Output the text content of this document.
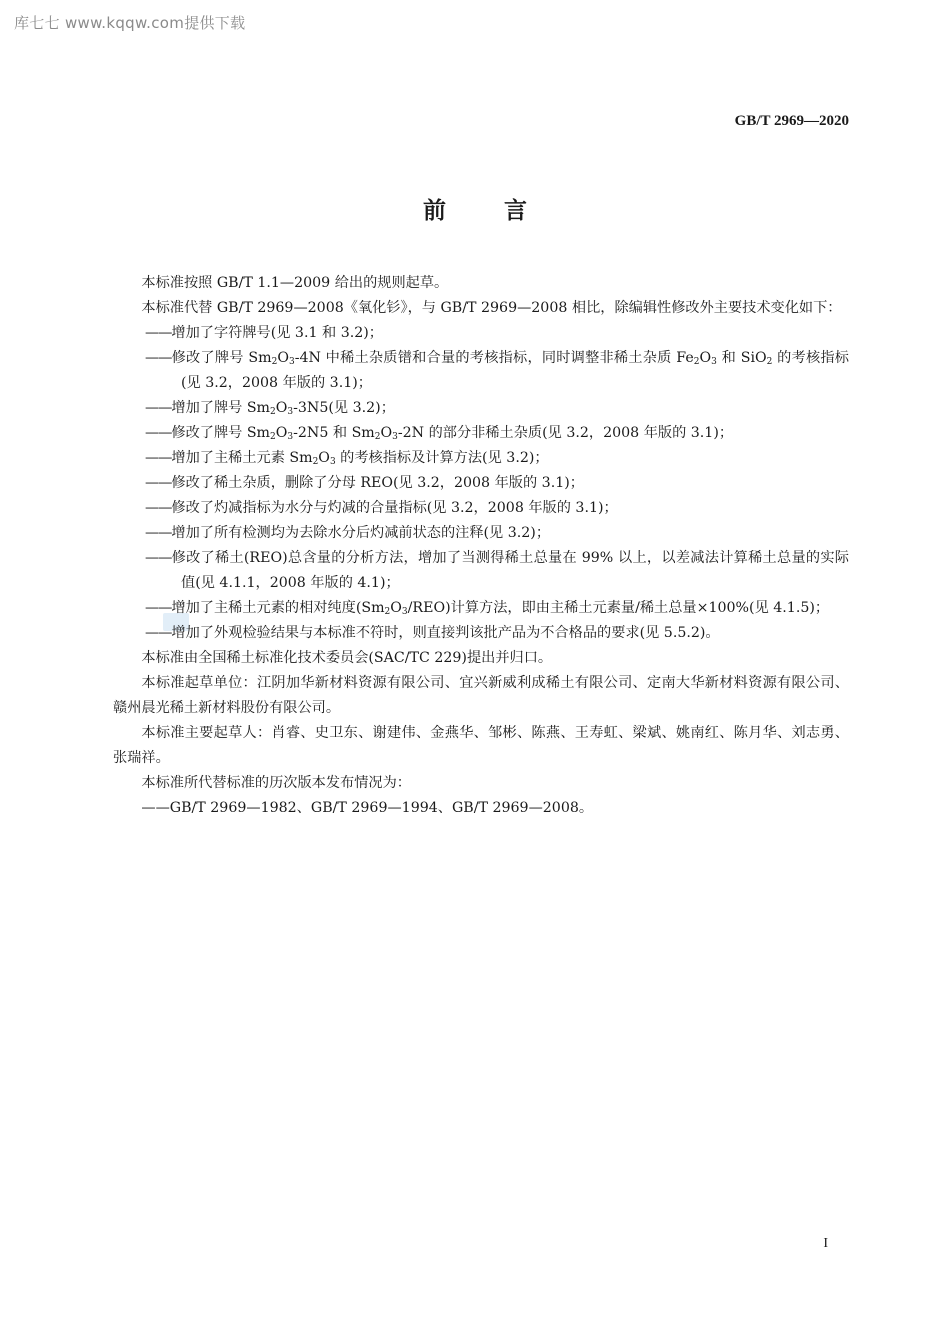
库七七 www.kqqw.com提供下载
GB/T 2969—2020
前言

本标准按照 GB/T 1.1—2009 给出的规则起草。

本标准代替 GB/T 2969—2008《氧化钐》，与 GB/T 2969—2008 相比，除编辑性修改外主要技术变化如下：

——增加了字符牌号(见 3.1 和 3.2)；

——修改了牌号 $Sm_2O_3-4N$ 中稀土杂质镨和合量的考核指标，同时调整非稀土杂质 $Fe_2O_3$ 和 SiO$_2$ 的考核指标(见 3.2，2008 年版的 3.1)；

——增加了牌号 $Sm_2O_3-3N5$(见 3.2)；

——修改了牌号 $Sm_2O_3-2N5$ 和 $Sm_2O_3-2N$ 的部分非稀土杂质(见 3.2，2008 年版的 3.1)；

——增加了主稀土元素 $Sm_2O_3$ 的考核指标及计算方法(见 3.2)；

——修改了稀土杂质，删除了分母 REO(见 3.2，2008 年版的 3.1)；

——修改了灼减指标为水分与灼减的合量指标(见 3.2，2008 年版的 3.1)；

——增加了所有检测均为去除水分后灼减前状态的注释(见 3.2)；

——修改了稀土(REO)总含量的分析方法，增加了当测得稀土总量在 99% 以上，以差减法计算稀土总量的实际值(见 4.1.1，2008 年版的 4.1)；

——增加了主稀土元素的相对纯度$(Sm_2O_3/REO)$计算方法，即由主稀土元素量/稀土总量×100%(见 4.1.5)；

——增加了外观检验结果与本标准不符时，则直接判该批产品为不合格品的要求(见 5.5.2)。

本标准由全国稀土标准化技术委员会(SAC/TC 229)提出并归口。

本标准起草单位：江阴加华新材料资源有限公司、宜兴新威利成稀土有限公司、定南大华新材料资源有限公司、赣州晨光稀土新材料股份有限公司。

本标准主要起草人：肖睿、史卫东、谢建伟、金燕华、邹彬、陈燕、王寿虹、梁斌、姚南红、陈月华、刘志勇、张瑞祥。

本标准所代替标准的历次版本发布情况为：

——GB/T 2969—1982、GB/T 2969—1994、GB/T 2969—2008。

I
